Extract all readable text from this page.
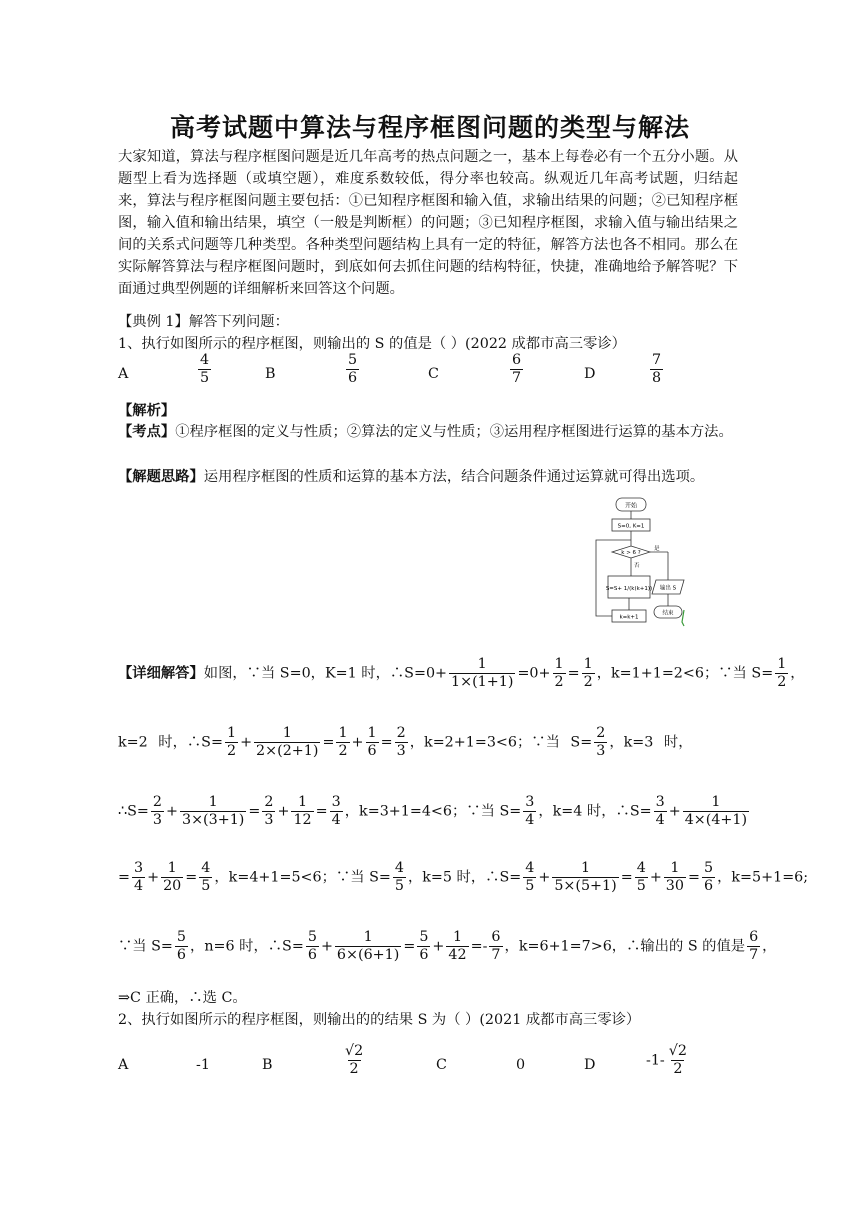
高考试题中算法与程序框图问题的类型与解法
大家知道，算法与程序框图问题是近几年高考的热点问题之一，基本上每卷必有一个五分小题。从题型上看为选择题（或填空题），难度系数较低，得分率也较高。纵观近几年高考试题，归结起来，算法与程序框图问题主要包括：①已知程序框图和输入值，求输出结果的问题；②已知程序框图，输入值和输出结果，填空（一般是判断框）的问题；③已知程序框图，求输入值与输出结果之间的关系式问题等几种类型。各种类型问题结构上具有一定的特征，解答方法也各不相同。那么在实际解答算法与程序框图问题时，到底如何去抓住问题的结构特征，快捷，准确地给予解答呢？下面通过典型例题的详细解析来回答这个问题。
【典例 1】解答下列问题：
1、执行如图所示的程序框图，则输出的 S 的值是（ ）(2022 成都市高三零诊）
A	$\frac{4}{5}$	B	$\frac{5}{6}$	C	$\frac{6}{7}$	D	$\frac{7}{8}$
【解析】
【考点】①程序框图的定义与性质；②算法的定义与性质；③运用程序框图进行运算的基本方法。
【解题思路】运用程序框图的性质和运算的基本方法，结合问题条件通过运算就可得出选项。
开始
S=0, K=1
k > 6 ?
是
否
S=S+ 1/(k(k+1)) 输出 S
结束
k=k+1
【详细解答】如图，∵当 S=0，K=1 时，∴S=0+ $\frac{1}{1\times(1+1)} =0+ \frac{1}{2} = \frac{1}{2}$ ，k=1+1=2<6；∵当 $S= \frac{1}{2}$ ，
k=2 时，∴S= $\frac{1}{2} + \frac{1}{2\times(2+1)} = \frac{1}{2} + \frac{1}{6} = \frac{2}{3}$ ，k=2+1=3<6；∵当 $S= \frac{2}{3}$ ，k=3 时，
∴S= $\frac{2}{3} + \frac{1}{3\times(3+1)} = \frac{2}{3} + \frac{1}{12} = \frac{3}{4}$ ，k=3+1=4<6；∵当 $S= \frac{3}{4}$ ，k=4 时，∴S= $\frac{3}{4} + \frac{1}{4\times(4+1)}$
= $\frac{3}{4} + \frac{1}{20} = \frac{4}{5}$ ，k=4+1=5<6；∵当 $S= \frac{4}{5}$ ，k=5 时，∴S= $\frac{4}{5} + \frac{1}{5\times(5+1)} = \frac{4}{5} + \frac{1}{30} = \frac{5}{6}$ ，k=5+1=6;
∵当 $S= \frac{5}{6}$ ，n=6 时，∴S= $\frac{5}{6} + \frac{1}{6\times(6+1)} = \frac{5}{6} + \frac{1}{42} =- \frac{6}{7}$ ，k=6+1=7>6，∴输出的 S 的值是 $\frac{6}{7}$ ，
⇒C 正确，∴选 C。
2、执行如图所示的程序框图，则输出的的结果 S 为（ ）(2021 成都市高三零诊）
A	-1	B	$\frac{√2}{2}$	C	0	D	$-1- \frac{√2}{2}$
